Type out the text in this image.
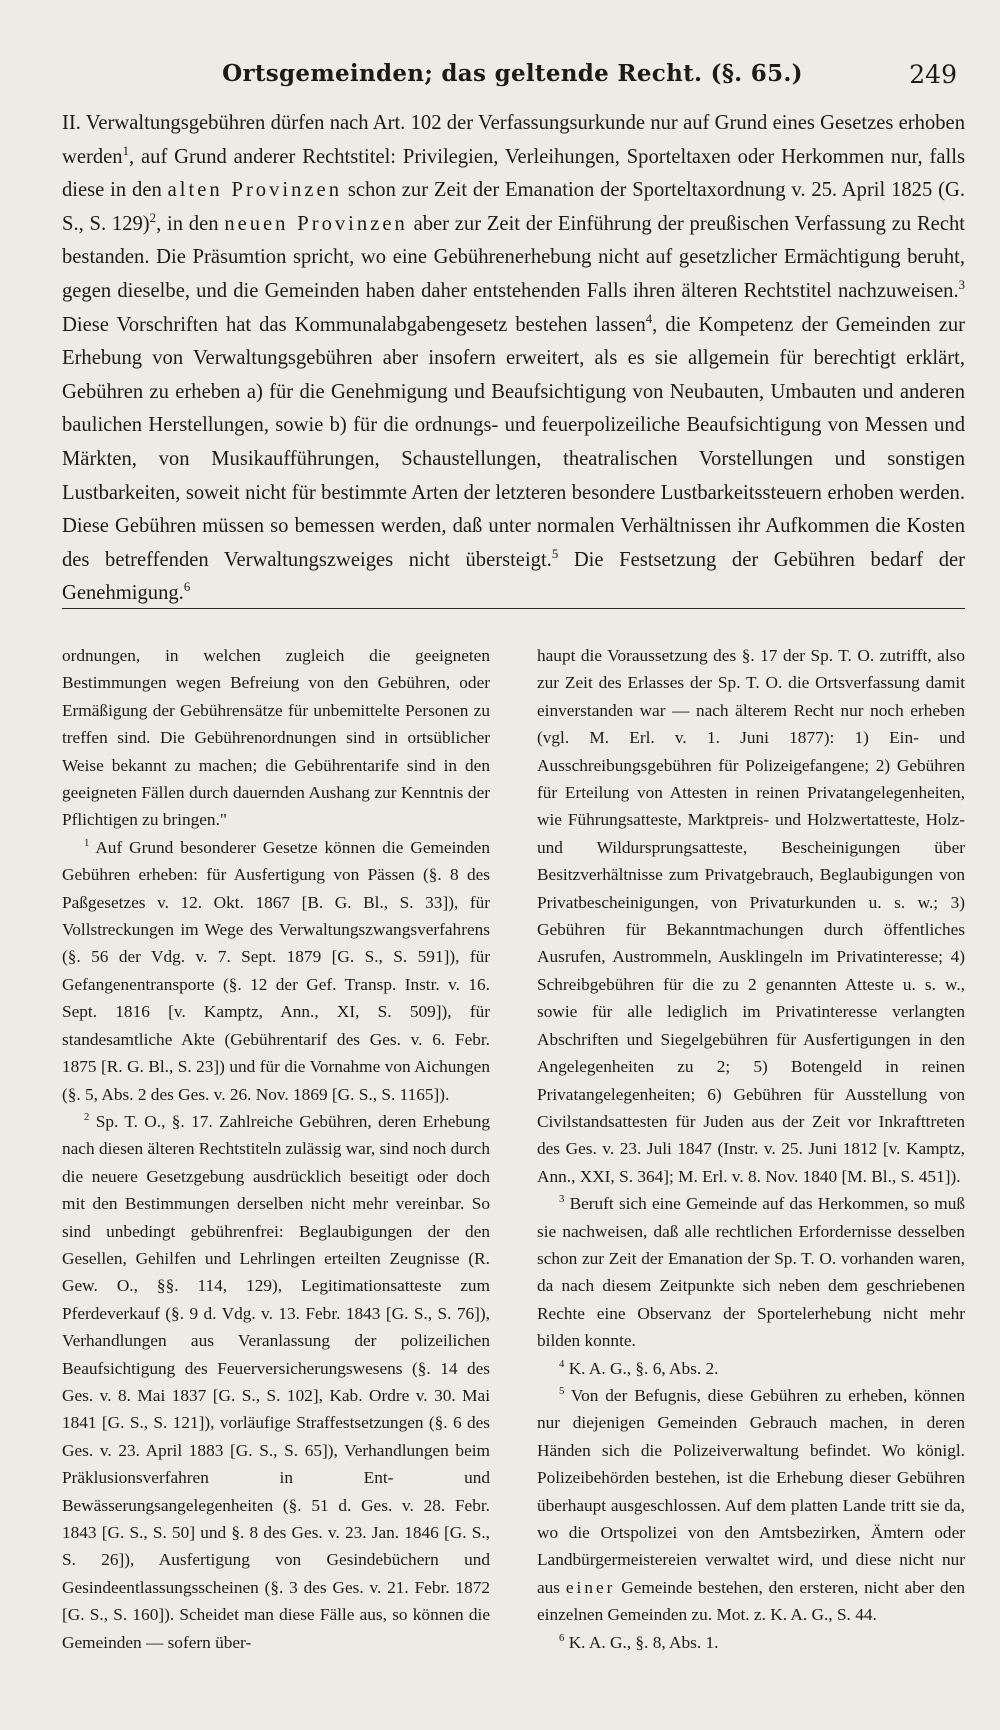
Ortsgemeinden; das geltende Recht. (§. 65.)	249

II. Verwaltungsgebühren dürfen nach Art. 102 der Verfassungsurkunde nur auf Grund eines Gesetzes erhoben werden$^1$, auf Grund anderer Rechtstitel: Privilegien, Verleihungen, Sporteltaxen oder Herkommen nur, falls diese in den alten Provinzen schon zur Zeit der Emanation der Sporteltaxordnung v. 25. April 1825 (G. S., S. 129)$^2$, in den neuen Provinzen aber zur Zeit der Einführung der preußischen Verfassung zu Recht bestanden. Die Präsumtion spricht, wo eine Gebührenerhebung nicht auf gesetzlicher Ermächtigung beruht, gegen dieselbe, und die Gemeinden haben daher entstehenden Falls ihren älteren Rechtstitel nachzuweisen.$^3$ Diese Vorschriften hat das Kommunalabgabengesetz bestehen lassen$^4$, die Kompetenz der Gemeinden zur Erhebung von Verwaltungsgebühren aber insofern erweitert, als es sie allgemein für berechtigt erklärt, Gebühren zu erheben a) für die Genehmigung und Beaufsichtigung von Neubauten, Umbauten und anderen baulichen Herstellungen, sowie b) für die ordnungs- und feuerpolizeiliche Beaufsichtigung von Messen und Märkten, von Musikaufführungen, Schaustellungen, theatralischen Vorstellungen und sonstigen Lustbarkeiten, soweit nicht für bestimmte Arten der letzteren besondere Lustbarkeitssteuern erhoben werden. Diese Gebühren müssen so bemessen werden, daß unter normalen Verhältnissen ihr Aufkommen die Kosten des betreffenden Verwaltungszweiges nicht übersteigt.$^5$ Die Festsetzung der Gebühren bedarf der Genehmigung.$^6$

ordnungen, in welchen zugleich die geeigneten Bestimmungen wegen Befreiung von den Gebühren, oder Ermäßigung der Gebührensätze für unbemittelte Personen zu treffen sind. Die Gebührenordnungen sind in ortsüblicher Weise bekannt zu machen; die Gebührentarife sind in den geeigneten Fällen durch dauernden Aushang zur Kenntnis der Pflichtigen zu bringen."

$^1$ Auf Grund besonderer Gesetze können die Gemeinden Gebühren erheben: für Ausfertigung von Pässen (§. 8 des Paßgesetzes v. 12. Okt. 1867 [B. G. Bl., S. 33]), für Vollstreckungen im Wege des Verwaltungszwangsverfahrens (§. 56 der Vdg. v. 7. Sept. 1879 [G. S., S. 591]), für Gefangenentransporte (§. 12 der Gef. Transp. Instr. v. 16. Sept. 1816 [v. Kamptz, Ann., XI, S. 509]), für standesamtliche Akte (Gebührentarif des Ges. v. 6. Febr. 1875 [R. G. Bl., S. 23]) und für die Vornahme von Aichungen (§. 5, Abs. 2 des Ges. v. 26. Nov. 1869 [G. S., S. 1165]).

$^2$ Sp. T. O., §. 17. Zahlreiche Gebühren, deren Erhebung nach diesen älteren Rechtstiteln zulässig war, sind noch durch die neuere Gesetzgebung ausdrücklich beseitigt oder doch mit den Bestimmungen derselben nicht mehr vereinbar. So sind unbedingt gebührenfrei: Beglaubigungen der den Gesellen, Gehilfen und Lehrlingen erteilten Zeugnisse (R. Gew. O., §§. 114, 129), Legitimationsatteste zum Pferdeverkauf (§. 9 d. Vdg. v. 13. Febr. 1843 [G. S., S. 76]), Verhandlungen aus Veranlassung der polizeilichen Beaufsichtigung des Feuerversicherungswesens (§. 14 des Ges. v. 8. Mai 1837 [G. S., S. 102], Kab. Ordre v. 30. Mai 1841 [G. S., S. 121]), vorläufige Straffestsetzungen (§. 6 des Ges. v. 23. April 1883 [G. S., S. 65]), Verhandlungen beim Präklusionsverfahren in Ent- und Bewässerungsangelegenheiten (§. 51 d. Ges. v. 28. Febr. 1843 [G. S., S. 50] und §. 8 des Ges. v. 23. Jan. 1846 [G. S., S. 26]), Ausfertigung von Gesindebüchern und Gesindeentlassungsscheinen (§. 3 des Ges. v. 21. Febr. 1872 [G. S., S. 160]). Scheidet man diese Fälle aus, so können die Gemeinden — sofern über-

haupt die Voraussetzung des §. 17 der Sp. T. O. zutrifft, also zur Zeit des Erlasses der Sp. T. O. die Ortsverfassung damit einverstanden war — nach älterem Recht nur noch erheben (vgl. M. Erl. v. 1. Juni 1877): 1) Ein- und Ausschreibungsgebühren für Polizeigefangene; 2) Gebühren für Erteilung von Attesten in reinen Privatangelegenheiten, wie Führungsatteste, Marktpreis- und Holzwertatteste, Holz- und Wildursprungsatteste, Bescheinigungen über Besitzverhältnisse zum Privatgebrauch, Beglaubigungen von Privatbescheinigungen, von Privaturkunden u. s. w.; 3) Gebühren für Bekanntmachungen durch öffentliches Ausrufen, Austrommeln, Ausklingeln im Privatinteresse; 4) Schreibgebühren für die zu 2 genannten Atteste u. s. w., sowie für alle lediglich im Privatinteresse verlangten Abschriften und Siegelgebühren für Ausfertigungen in den Angelegenheiten zu 2; 5) Botengeld in reinen Privatangelegenheiten; 6) Gebühren für Ausstellung von Civilstandsattesten für Juden aus der Zeit vor Inkrafttreten des Ges. v. 23. Juli 1847 (Instr. v. 25. Juni 1812 [v. Kamptz, Ann., XXI, S. 364]; M. Erl. v. 8. Nov. 1840 [M. Bl., S. 451]).

$^3$ Beruft sich eine Gemeinde auf das Herkommen, so muß sie nachweisen, daß alle rechtlichen Erfordernisse desselben schon zur Zeit der Emanation der Sp. T. O. vorhanden waren, da nach diesem Zeitpunkte sich neben dem geschriebenen Rechte eine Observanz der Sportelerhebung nicht mehr bilden konnte.

$^4$ K. A. G., §. 6, Abs. 2.

$^5$ Von der Befugnis, diese Gebühren zu erheben, können nur diejenigen Gemeinden Gebrauch machen, in deren Händen sich die Polizeiverwaltung befindet. Wo königl. Polizeibehörden bestehen, ist die Erhebung dieser Gebühren überhaupt ausgeschlossen. Auf dem platten Lande tritt sie da, wo die Ortspolizei von den Amtsbezirken, Ämtern oder Landbürgermeistereien verwaltet wird, und diese nicht nur aus einer Gemeinde bestehen, den ersteren, nicht aber den einzelnen Gemeinden zu. Mot. z. K. A. G., S. 44.

$^6$ K. A. G., §. 8, Abs. 1.
